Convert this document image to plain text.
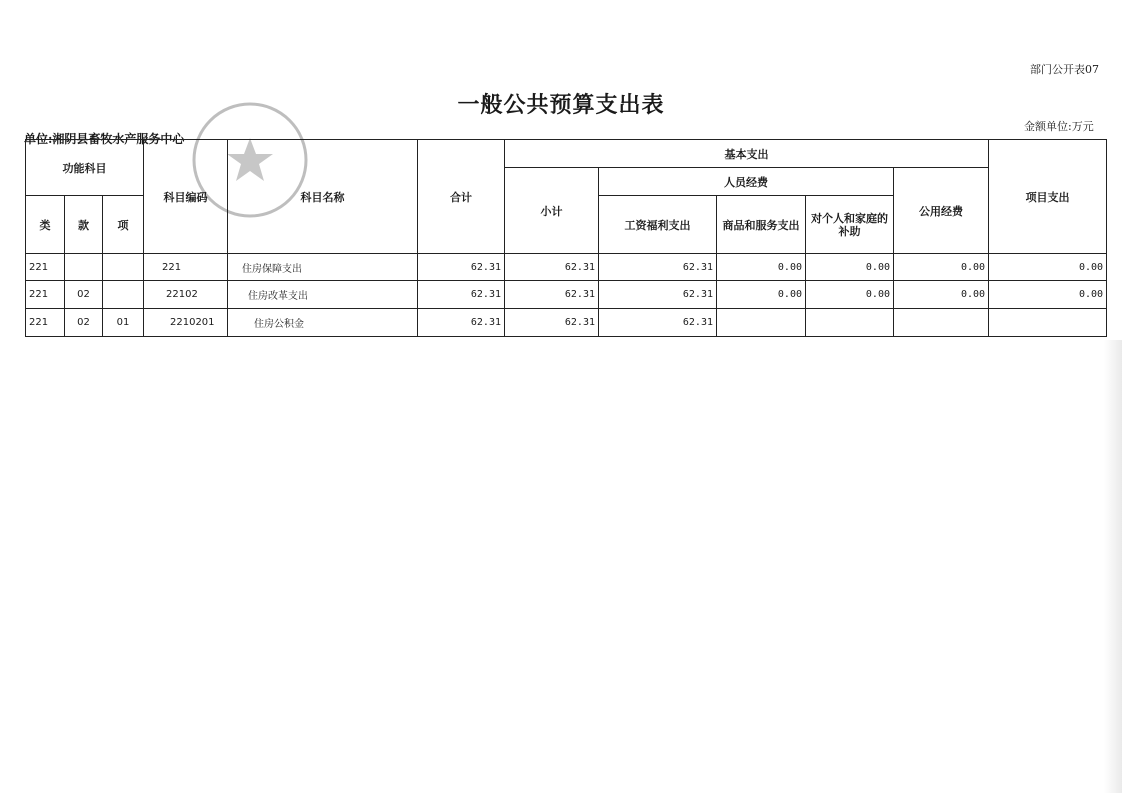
部门公开表07
一般公共预算支出表
单位:湘阴县畜牧水产服务中心
金额单位:万元
功能科目			科目编码	科目名称	合计	基本支出					项目支出
						小计	人员经费			公用经费	
类	款	项					工资福利支出	商品和服务支出	对个人和家庭的补助		

221			221	住房保障支出	62.31	62.31	62.31	0.00	0.00	0.00	0.00
221	02		22102	住房改革支出	62.31	62.31	62.31	0.00	0.00	0.00	0.00
221	02	01	2210201	住房公积金	62.31	62.31	62.31				
